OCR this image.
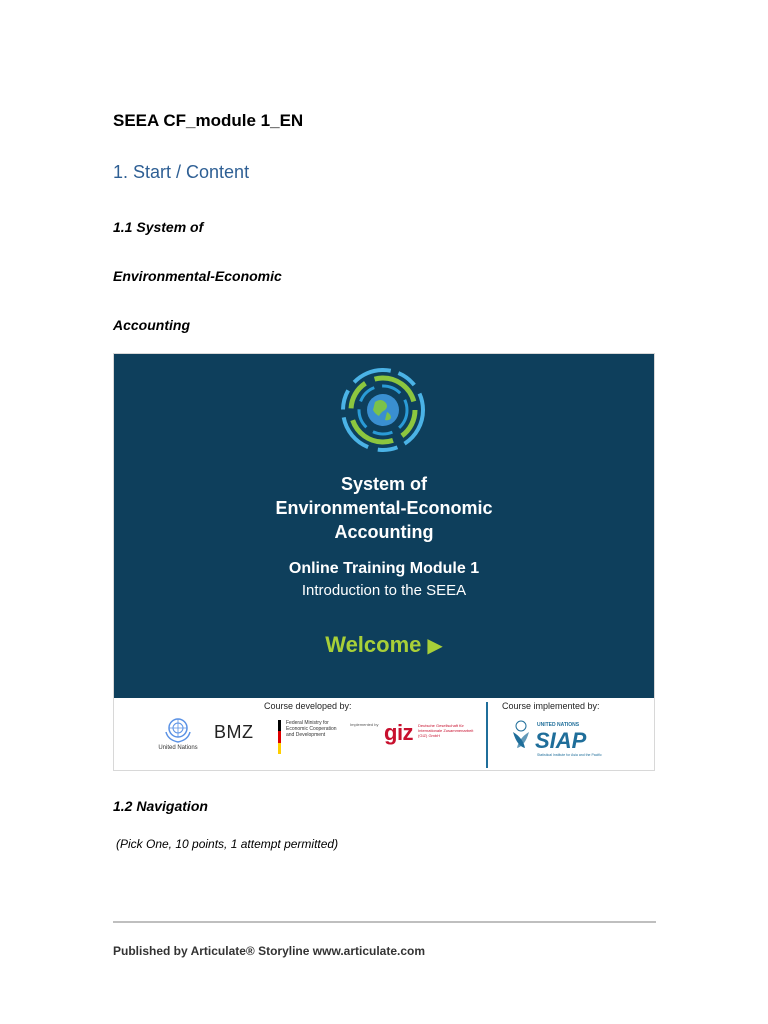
SEEA CF_module 1_EN
1. Start / Content
1.1 System of
Environmental-Economic
Accounting
System of
Environmental-Economic
Accounting
Online Training Module 1
Introduction to the SEEA
Welcome ▶
Course developed by:	Course implemented by:
United Nations
BMZ	Federal Ministry for Economic Cooperation and Development
Implemented by giz Deutsche Gesellschaft für Internationale Zusammenarbeit (GIZ) GmbH
UNITED NATIONS
SIAP
Statistical Institute for Asia and the Pacific
1.2 Navigation
(Pick One, 10 points, 1 attempt permitted)
Published by Articulate® Storyline www.articulate.com
